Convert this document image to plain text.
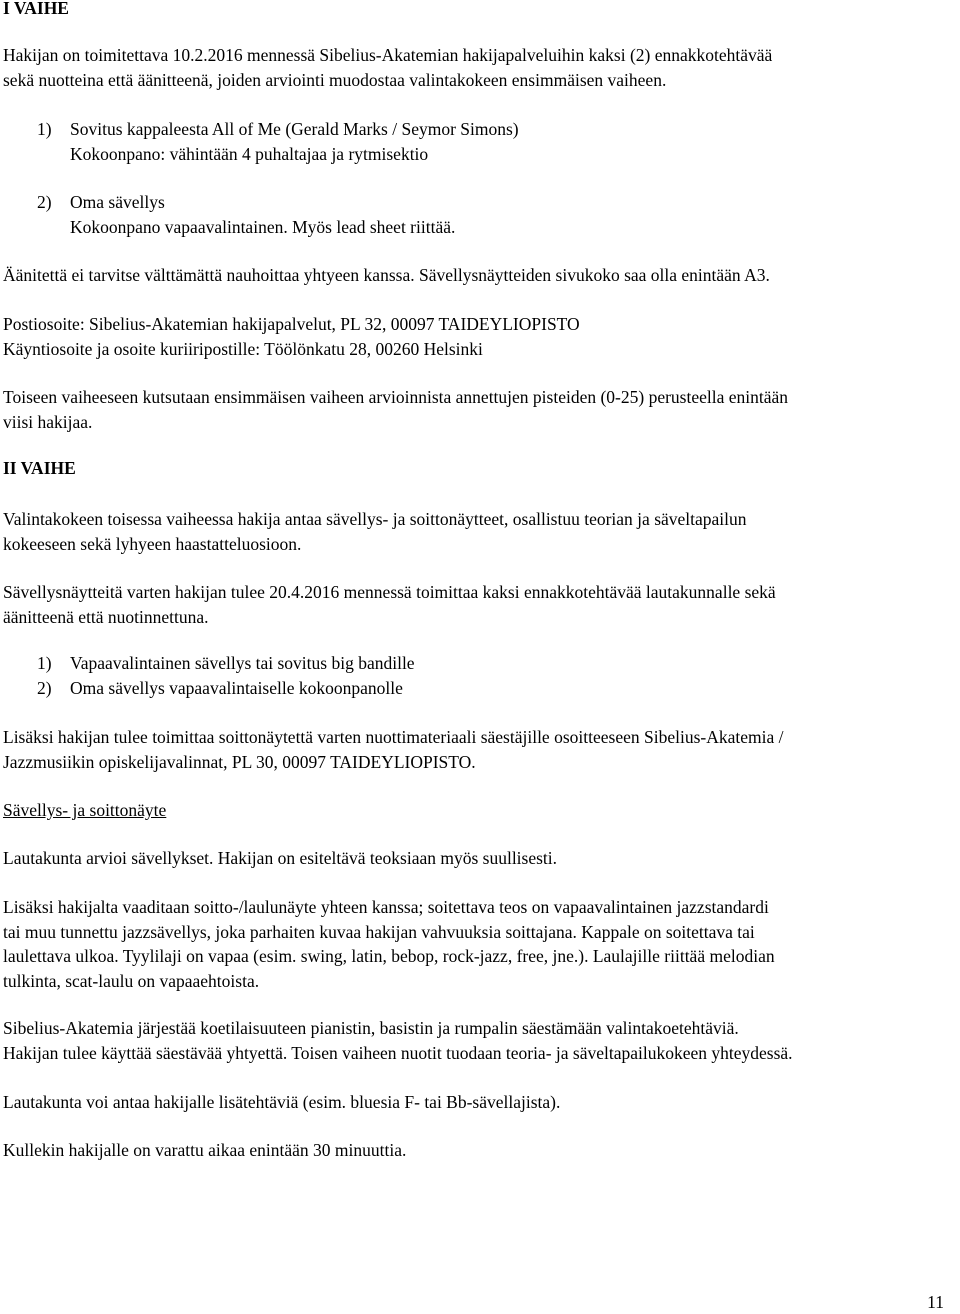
I VAIHE
Hakijan on toimitettava 10.2.2016 mennessä Sibelius-Akatemian hakijapalveluihin kaksi (2) ennakkotehtävää
sekä nuotteina että äänitteenä, joiden arviointi muodostaa valintakokeen ensimmäisen vaiheen.
1) Sovitus kappaleesta All of Me (Gerald Marks / Seymor Simons)
Kokoonpano: vähintään 4 puhaltajaa ja rytmisektio
2) Oma sävellys
Kokoonpano vapaavalintainen. Myös lead sheet riittää.
Äänitettä ei tarvitse välttämättä nauhoittaa yhtyeen kanssa. Sävellysnäytteiden sivukoko saa olla enintään A3.
Postiosoite: Sibelius-Akatemian hakijapalvelut, PL 32, 00097 TAIDEYLIOPISTO
Käyntiosoite ja osoite kuriiripostille: Töölönkatu 28, 00260 Helsinki
Toiseen vaiheeseen kutsutaan ensimmäisen vaiheen arvioinnista annettujen pisteiden (0-25) perusteella enintään
viisi hakijaa.
II VAIHE
Valintakokeen toisessa vaiheessa hakija antaa sävellys- ja soittonäytteet, osallistuu teorian ja säveltapailun
kokeeseen sekä lyhyeen haastatteluosioon.
Sävellysnäytteitä varten hakijan tulee 20.4.2016 mennessä toimittaa kaksi ennakkotehtävää lautakunnalle sekä
äänitteenä että nuotinnettuna.
1) Vapaavalintainen sävellys tai sovitus big bandille
2) Oma sävellys vapaavalintaiselle kokoonpanolle
Lisäksi hakijan tulee toimittaa soittonäytettä varten nuottimateriaali säestäjille osoitteeseen Sibelius-Akatemia /
Jazzmusiikin opiskelijavalinnat, PL 30, 00097 TAIDEYLIOPISTO.
Sävellys- ja soittonäyte
Lautakunta arvioi sävellykset. Hakijan on esiteltävä teoksiaan myös suullisesti.
Lisäksi hakijalta vaaditaan soitto-/laulunäyte yhteen kanssa; soitettava teos on vapaavalintainen jazzstandardi
tai muu tunnettu jazzsävellys, joka parhaiten kuvaa hakijan vahvuuksia soittajana. Kappale on soitettava tai
laulettava ulkoa. Tyylilaji on vapaa (esim. swing, latin, bebop, rock-jazz, free, jne.). Laulajille riittää melodian
tulkinta, scat-laulu on vapaaehtoista.
Sibelius-Akatemia järjestää koetilaisuuteen pianistin, basistin ja rumpalin säestämään valintakoetehtäviä.
Hakijan tulee käyttää säestävää yhtyettä. Toisen vaiheen nuotit tuodaan teoria- ja säveltapailukokeen yhteydessä.
Lautakunta voi antaa hakijalle lisätehtäviä (esim. bluesia F- tai Bb-sävellajista).
Kullekin hakijalle on varattu aikaa enintään 30 minuuttia.
11
